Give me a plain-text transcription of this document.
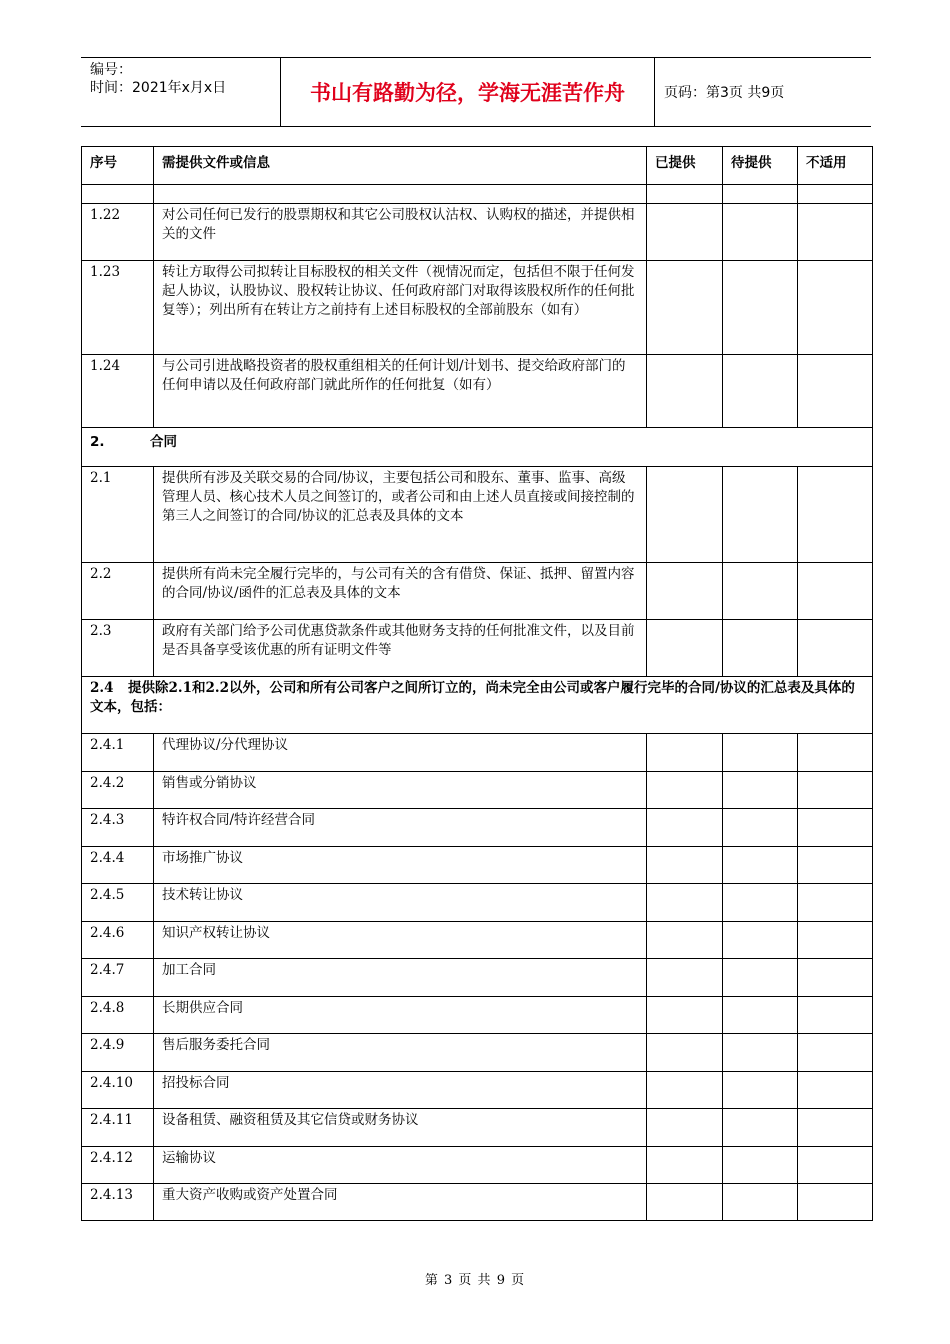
编号：
时间：2021年x月x日	书山有路勤为径，学海无涯苦作舟	页码：第3页 共9页
序号	需提供文件或信息	已提供	待提供	不适用

1.22	对公司任何已发行的股票期权和其它公司股权认沽权、认购权的描述，并提供相关的文件			
1.23	转让方取得公司拟转让目标股权的相关文件（视情况而定，包括但不限于任何发起人协议，认股协议、股权转让协议、任何政府部门对取得该股权所作的任何批复等）；列出所有在转让方之前持有上述目标股权的全部前股东（如有）			
1.24	与公司引进战略投资者的股权重组相关的任何计划/计划书、提交给政府部门的任何申请以及任何政府部门就此所作的任何批复（如有）			
2. 合同				
2.1	提供所有涉及关联交易的合同/协议，主要包括公司和股东、董事、监事、高级管理人员、核心技术人员之间签订的，或者公司和由上述人员直接或间接控制的第三人之间签订的合同/协议的汇总表及具体的文本			
2.2	提供所有尚未完全履行完毕的，与公司有关的含有借贷、保证、抵押、留置内容的合同/协议/函件的汇总表及具体的文本			
2.3	政府有关部门给予公司优惠贷款条件或其他财务支持的任何批准文件，以及目前是否具备享受该优惠的所有证明文件等			
2.4 提供除2.1和2.2以外，公司和所有公司客户之间所订立的，尚未完全由公司或客户履行完毕的合同/协议的汇总表及具体的文本，包括：				
2.4.1	代理协议/分代理协议			
2.4.2	销售或分销协议			
2.4.3	特许权合同/特许经营合同			
2.4.4	市场推广协议			
2.4.5	技术转让协议			
2.4.6	知识产权转让协议			
2.4.7	加工合同			
2.4.8	长期供应合同			
2.4.9	售后服务委托合同			
2.4.10	招投标合同			
2.4.11	设备租赁、融资租赁及其它信贷或财务协议			
2.4.12	运输协议			
2.4.13	重大资产收购或资产处置合同			
第 3 页 共 9 页
